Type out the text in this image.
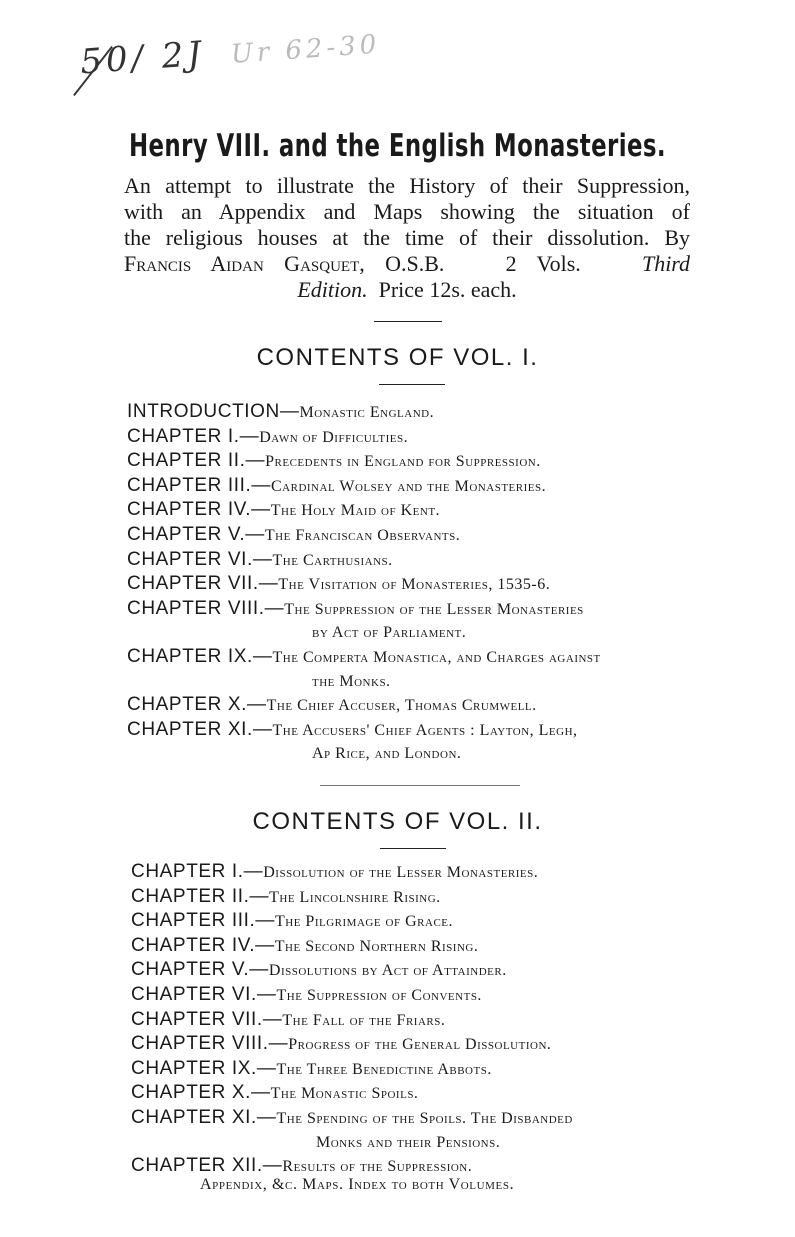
50/ 2J Ur 62-30
Henry VIII. and the English Monasteries.
An attempt to illustrate the History of their Suppression,
with an Appendix and Maps showing the situation of
the religious houses at the time of their dissolution. By
Francis Aidan Gasquet, O.S.B.	2 Vols.	Third
Edition. Price 12s. each.
CONTENTS OF VOL. I.
INTRODUCTION—Monastic England.
CHAPTER I.—Dawn of Difficulties.
CHAPTER II.—Precedents in England for Suppression.
CHAPTER III.—Cardinal Wolsey and the Monasteries.
CHAPTER IV.—The Holy Maid of Kent.
CHAPTER V.—The Franciscan Observants.
CHAPTER VI.—The Carthusians.
CHAPTER VII.—The Visitation of Monasteries, 1535-6.
CHAPTER VIII.—The Suppression of the Lesser Monasteries
by Act of Parliament.
CHAPTER IX.—The Comperta Monastica, and Charges against
the Monks.
CHAPTER X.—The Chief Accuser, Thomas Crumwell.
CHAPTER XI.—The Accusers' Chief Agents : Layton, Legh,
Ap Rice, and London.
CONTENTS OF VOL. II.
CHAPTER I.—Dissolution of the Lesser Monasteries.
CHAPTER II.—The Lincolnshire Rising.
CHAPTER III.—The Pilgrimage of Grace.
CHAPTER IV.—The Second Northern Rising.
CHAPTER V.—Dissolutions by Act of Attainder.
CHAPTER VI.—The Suppression of Convents.
CHAPTER VII.—The Fall of the Friars.
CHAPTER VIII.—Progress of the General Dissolution.
CHAPTER IX.—The Three Benedictine Abbots.
CHAPTER X.—The Monastic Spoils.
CHAPTER XI.—The Spending of the Spoils. The Disbanded
Monks and their Pensions.
CHAPTER XII.—Results of the Suppression.
Appendix, &c. Maps. Index to both Volumes.
